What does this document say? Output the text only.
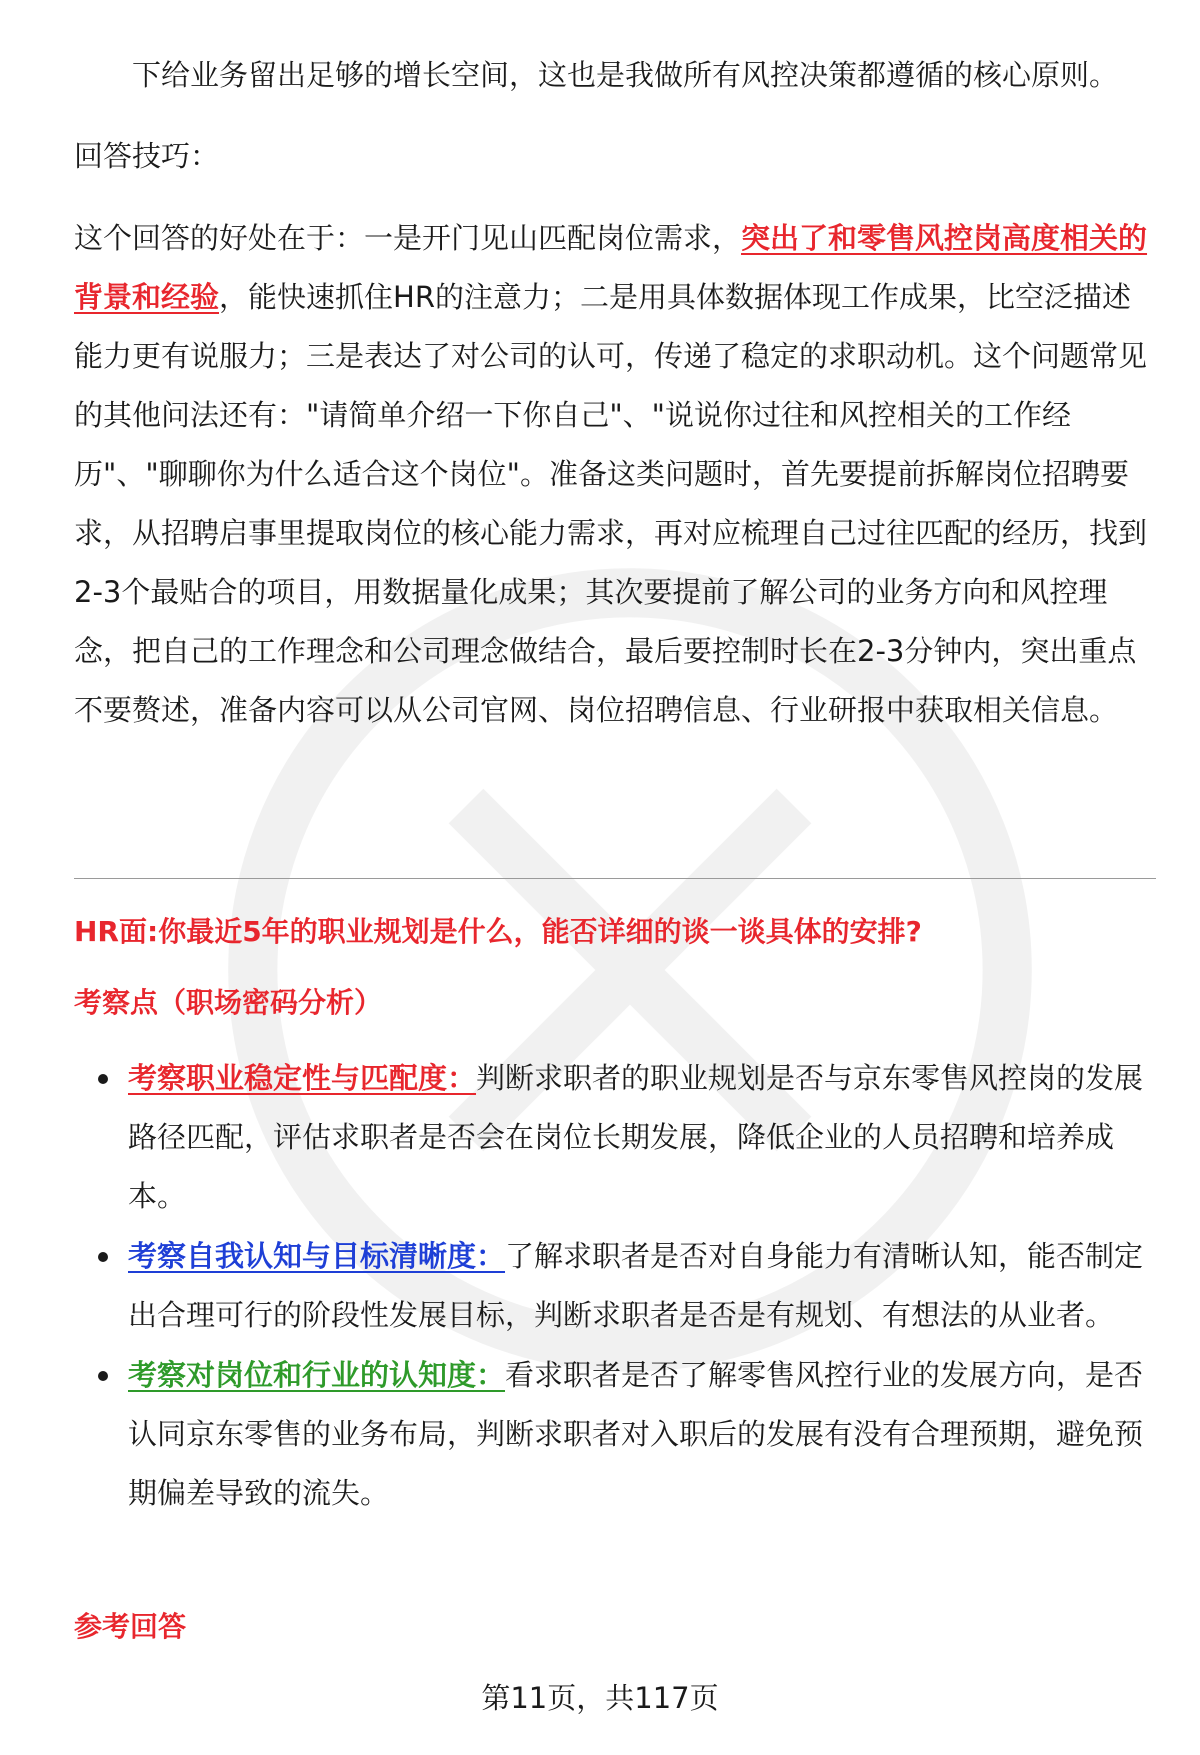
下给业务留出足够的增长空间，这也是我做所有风控决策都遵循的核心原则。

回答技巧：

这个回答的好处在于：一是开门见山匹配岗位需求，突出了和零售风控岗高度相关的背景和经验，能快速抓住HR的注意力；二是用具体数据体现工作成果，比空泛描述能力更有说服力；三是表达了对公司的认可，传递了稳定的求职动机。这个问题常见的其他问法还有："请简单介绍一下你自己"、"说说你过往和风控相关的工作经历"、"聊聊你为什么适合这个岗位"。准备这类问题时，首先要提前拆解岗位招聘要求，从招聘启事里提取岗位的核心能力需求，再对应梳理自己过往匹配的经历，找到2-3个最贴合的项目，用数据量化成果；其次要提前了解公司的业务方向和风控理念，把自己的工作理念和公司理念做结合，最后要控制时长在2-3分钟内，突出重点不要赘述，准备内容可以从公司官网、岗位招聘信息、行业研报中获取相关信息。

HR面:你最近5年的职业规划是什么，能否详细的谈一谈具体的安排?

考察点（职场密码分析）

考察职业稳定性与匹配度：判断求职者的职业规划是否与京东零售风控岗的发展路径匹配，评估求职者是否会在岗位长期发展，降低企业的人员招聘和培养成本。
考察自我认知与目标清晰度：了解求职者是否对自身能力有清晰认知，能否制定出合理可行的阶段性发展目标，判断求职者是否是有规划、有想法的从业者。
考察对岗位和行业的认知度：看求职者是否了解零售风控行业的发展方向，是否认同京东零售的业务布局，判断求职者对入职后的发展有没有合理预期，避免预期偏差导致的流失。

参考回答

第11页，共117页
